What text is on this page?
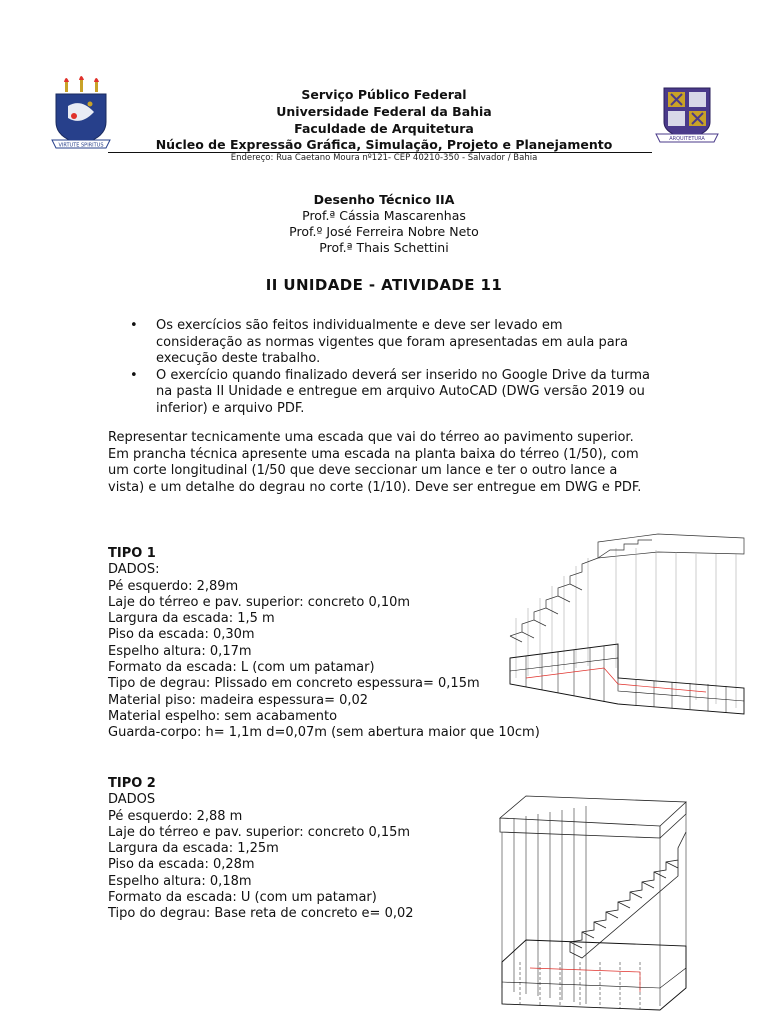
VIRTUTE SPIRITUS
ARQUITETURA
Serviço Público Federal
Universidade Federal da Bahia
Faculdade de Arquitetura
Núcleo de Expressão Gráfica, Simulação, Projeto e Planejamento
Endereço: Rua Caetano Moura nº121- CEP 40210-350 - Salvador / Bahia
Desenho Técnico IIA
Prof.ª Cássia Mascarenhas
Prof.º José Ferreira Nobre Neto
Prof.ª Thais Schettini
II UNIDADE - ATIVIDADE 11
• Os exercícios são feitos individualmente e deve ser levado em consideração as normas vigentes que foram apresentadas em aula para execução deste trabalho.
• O exercício quando finalizado deverá ser inserido no Google Drive da turma na pasta II Unidade e entregue em arquivo AutoCAD (DWG versão 2019 ou inferior) e arquivo PDF.
Representar tecnicamente uma escada que vai do térreo ao pavimento superior. Em prancha técnica apresente uma escada na planta baixa do térreo (1/50), com um corte longitudinal (1/50 que deve seccionar um lance e ter o outro lance a vista) e um detalhe do degrau no corte (1/10). Deve ser entregue em DWG e PDF.
TIPO 1
DADOS:
Pé esquerdo: 2,89m
Laje do térreo e pav. superior: concreto 0,10m
Largura da escada: 1,5 m
Piso da escada: 0,30m
Espelho altura: 0,17m
Formato da escada: L (com um patamar)
Tipo de degrau: Plissado em concreto espessura= 0,15m
Material piso: madeira espessura= 0,02
Material espelho: sem acabamento
Guarda-corpo: h= 1,1m d=0,07m (sem abertura maior que 10cm)
TIPO 2
DADOS
Pé esquerdo: 2,88 m
Laje do térreo e pav. superior: concreto 0,15m
Largura da escada: 1,25m
Piso da escada: 0,28m
Espelho altura: 0,18m
Formato da escada: U (com um patamar)
Tipo do degrau: Base reta de concreto e= 0,02
